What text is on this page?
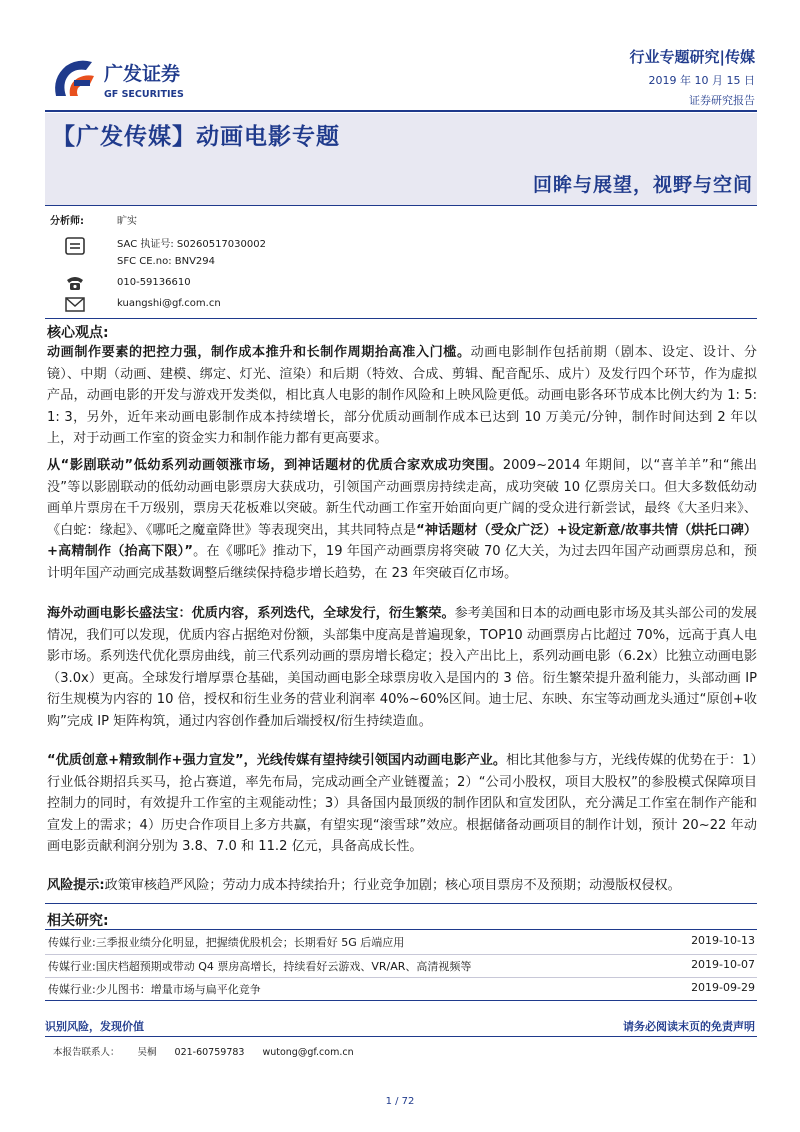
广发证券
GF SECURITIES
行业专题研究|传媒
2019 年 10 月 15 日
证券研究报告
【广发传媒】动画电影专题
回眸与展望，视野与空间
分析师:	旷实
SAC 执证号: S0260517030002
SFC CE.no: BNV294
010-59136610
kuangshi@gf.com.cn
核心观点:
动画制作要素的把控力强，制作成本推升和长制作周期抬高准入门槛。动画电影制作包括前期（剧本、设定、设计、分镜）、中期（动画、建模、绑定、灯光、渲染）和后期（特效、合成、剪辑、配音配乐、成片）及发行四个环节，作为虚拟产品，动画电影的开发与游戏开发类似，相比真人电影的制作风险和上映风险更低。动画电影各环节成本比例大约为 1: 5: 1: 3，另外，近年来动画电影制作成本持续增长，部分优质动画制作成本已达到 10 万美元/分钟，制作时间达到 2 年以上，对于动画工作室的资金实力和制作能力都有更高要求。
从“影剧联动”低幼系列动画领涨市场，到神话题材的优质合家欢成功突围。2009~2014 年期间，以“喜羊羊”和“熊出没”等以影剧联动的低幼动画电影票房大获成功，引领国产动画票房持续走高，成功突破 10 亿票房关口。但大多数低幼动画单片票房在千万级别，票房天花板难以突破。新生代动画工作室开始面向更广阔的受众进行新尝试，最终《大圣归来》、《白蛇：缘起》、《哪吒之魔童降世》等表现突出，其共同特点是“神话题材（受众广泛）+设定新意/故事共情（烘托口碑）+高精制作（抬高下限）”。在《哪吒》推动下，19 年国产动画票房将突破 70 亿大关，为过去四年国产动画票房总和，预计明年国产动画完成基数调整后继续保持稳步增长趋势，在 23 年突破百亿市场。
海外动画电影长盛法宝：优质内容，系列迭代，全球发行，衍生繁荣。参考美国和日本的动画电影市场及其头部公司的发展情况，我们可以发现，优质内容占据绝对份额，头部集中度高是普遍现象，TOP10 动画票房占比超过 70%，远高于真人电影市场。系列迭代优化票房曲线，前三代系列动画的票房增长稳定；投入产出比上，系列动画电影（6.2x）比独立动画电影（3.0x）更高。全球发行增厚票仓基础，美国动画电影全球票房收入是国内的 3 倍。衍生繁荣提升盈利能力，头部动画 IP 衍生规模为内容的 10 倍，授权和衍生业务的营业利润率 40%~60%区间。迪士尼、东映、东宝等动画龙头通过“原创+收购”完成 IP 矩阵构筑，通过内容创作叠加后端授权/衍生持续造血。
“优质创意+精致制作+强力宣发”，光线传媒有望持续引领国内动画电影产业。相比其他参与方，光线传媒的优势在于：1）行业低谷期招兵买马，抢占赛道，率先布局，完成动画全产业链覆盖；2）“公司小股权，项目大股权”的参股模式保障项目控制力的同时，有效提升工作室的主观能动性；3）具备国内最顶级的制作团队和宣发团队，充分满足工作室在制作产能和宣发上的需求；4）历史合作项目上多方共赢，有望实现“滚雪球”效应。根据储备动画项目的制作计划，预计 20~22 年动画电影贡献利润分别为 3.8、7.0 和 11.2 亿元，具备高成长性。
风险提示:政策审核趋严风险；劳动力成本持续抬升；行业竞争加剧；核心项目票房不及预期；动漫版权侵权。
相关研究:
传媒行业:三季报业绩分化明显，把握绩优股机会；长期看好 5G 后端应用	2019-10-13
传媒行业:国庆档超预期或带动 Q4 票房高增长，持续看好云游戏、VR/AR、高清视频等	2019-10-07
传媒行业:少儿图书：增量市场与扁平化竞争	2019-09-29
识别风险，发现价值	请务必阅读末页的免责声明
本报告联系人： 吴桐 021-60759783 wutong@gf.com.cn
1 / 72
